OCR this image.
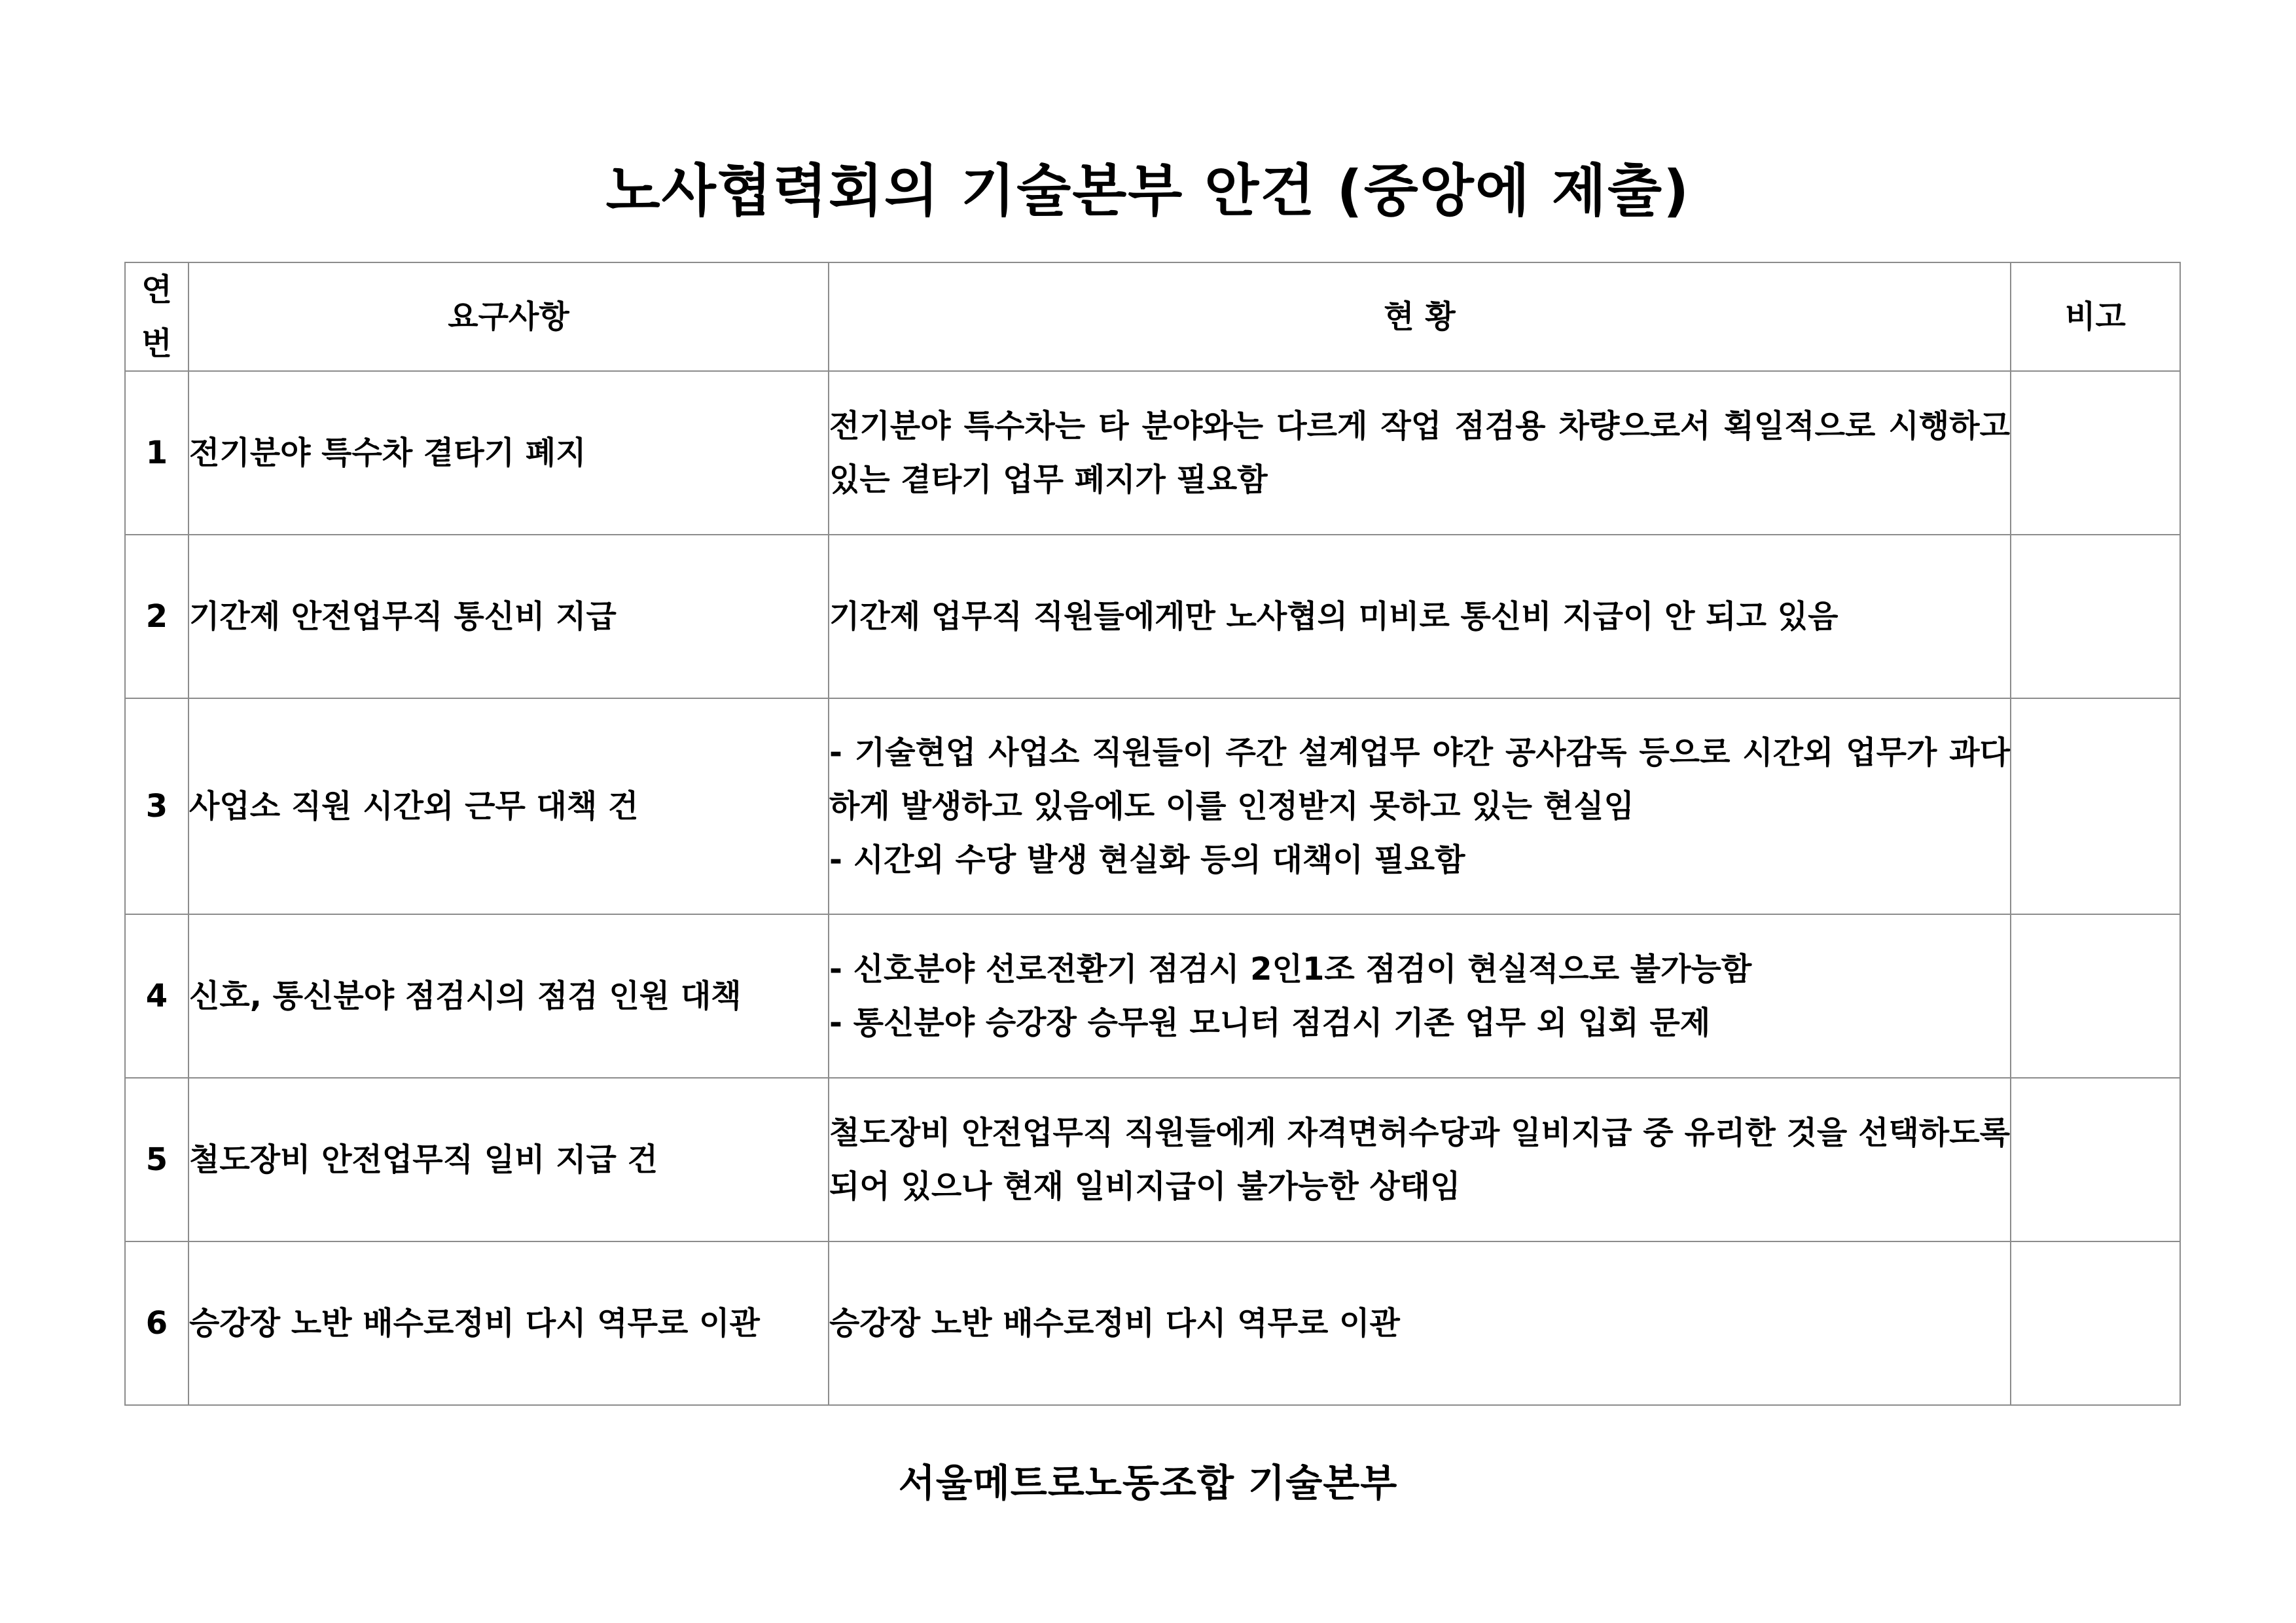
노사협력회의 기술본부 안건 (중앙에 제출)
연
번	요구사항	현 황	비고
1	전기분야 특수차 곁타기 폐지	전기분야 특수차는 타 분야와는 다르게 작업 점검용 차량으로서 획일적으로 시행하고 있는 곁타기 업무 폐지가 필요함	

2	기간제 안전업무직 통신비 지급	기간제 업무직 직원들에게만 노사협의 미비로 통신비 지급이 안 되고 있음	

3	사업소 직원 시간외 근무 대책 건	- 기술현업 사업소 직원들이 주간 설계업무 야간 공사감독 등으로 시간외 업무가 과다하게 발생하고 있음에도 이를 인정받지 못하고 있는 현실임
- 시간외 수당 발생 현실화 등의 대책이 필요함	

4	신호, 통신분야 점검시의 점검 인원 대책	- 신호분야 선로전환기 점검시 2인1조 점검이 현실적으로 불가능함
- 통신분야 승강장 승무원 모니터 점검시 기존 업무 외 입회 문제	

5	철도장비 안전업무직 일비 지급 건	철도장비 안전업무직 직원들에게 자격면허수당과 일비지급 중 유리한 것을 선택하도록 되어 있으나 현재 일비지급이 불가능한 상태임	

6	승강장 노반 배수로정비 다시 역무로 이관	승강장 노반 배수로정비 다시 역무로 이관	

서울메트로노동조합 기술본부
